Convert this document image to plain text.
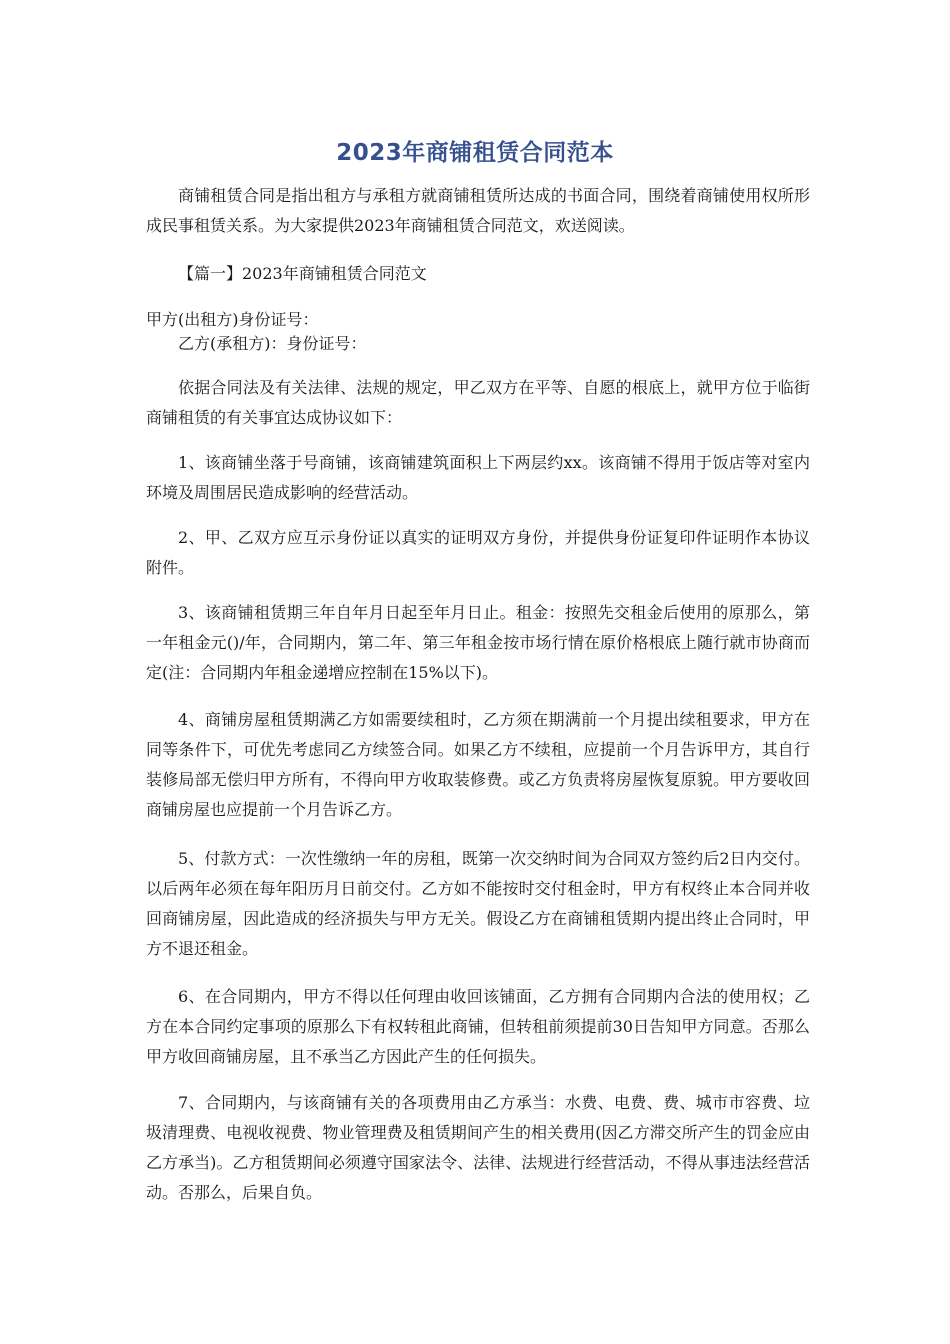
2023年商铺租赁合同范本

商铺租赁合同是指出租方与承租方就商铺租赁所达成的书面合同，围绕着商铺使用权所形成民事租赁关系。为大家提供2023年商铺租赁合同范文，欢送阅读。

【篇一】2023年商铺租赁合同范文

甲方(出租方)身份证号：

乙方(承租方)：身份证号：

依据合同法及有关法律、法规的规定，甲乙双方在平等、自愿的根底上，就甲方位于临街商铺租赁的有关事宜达成协议如下：

1、该商铺坐落于号商铺，该商铺建筑面积上下两层约xx。该商铺不得用于饭店等对室内环境及周围居民造成影响的经营活动。

2、甲、乙双方应互示身份证以真实的证明双方身份，并提供身份证复印件证明作本协议附件。

3、该商铺租赁期三年自年月日起至年月日止。租金：按照先交租金后使用的原那么，第一年租金元()/年，合同期内，第二年、第三年租金按市场行情在原价格根底上随行就市协商而定(注：合同期内年租金递增应控制在15%以下)。

4、商铺房屋租赁期满乙方如需要续租时，乙方须在期满前一个月提出续租要求，甲方在同等条件下，可优先考虑同乙方续签合同。如果乙方不续租，应提前一个月告诉甲方，其自行装修局部无偿归甲方所有，不得向甲方收取装修费。或乙方负责将房屋恢复原貌。甲方要收回商铺房屋也应提前一个月告诉乙方。

5、付款方式：一次性缴纳一年的房租，既第一次交纳时间为合同双方签约后2日内交付。以后两年必须在每年阳历月日前交付。乙方如不能按时交付租金时，甲方有权终止本合同并收回商铺房屋，因此造成的经济损失与甲方无关。假设乙方在商铺租赁期内提出终止合同时，甲方不退还租金。

6、在合同期内，甲方不得以任何理由收回该铺面，乙方拥有合同期内合法的使用权；乙方在本合同约定事项的原那么下有权转租此商铺，但转租前须提前30日告知甲方同意。否那么甲方收回商铺房屋，且不承当乙方因此产生的任何损失。

7、合同期内，与该商铺有关的各项费用由乙方承当：水费、电费、费、城市市容费、垃圾清理费、电视收视费、物业管理费及租赁期间产生的相关费用(因乙方滞交所产生的罚金应由乙方承当)。乙方租赁期间必须遵守国家法令、法律、法规进行经营活动，不得从事违法经营活动。否那么，后果自负。
